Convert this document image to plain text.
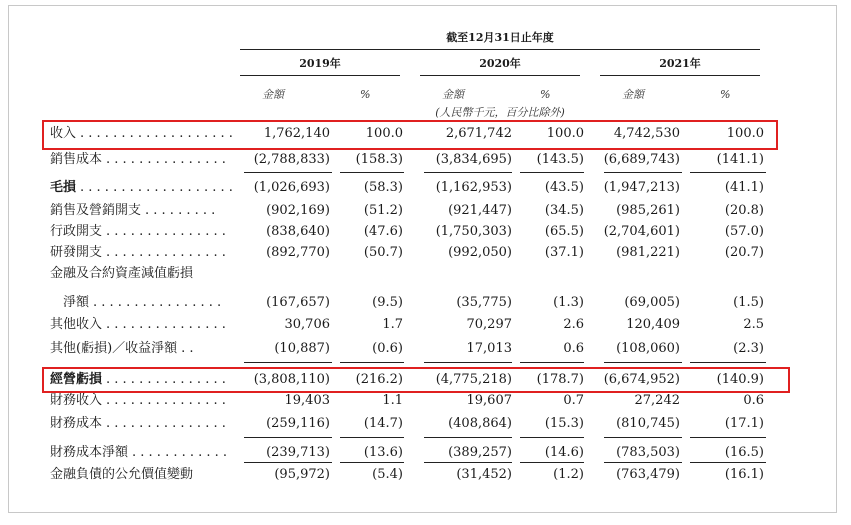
截至12月31日止年度
2019年	2020年	2021年
金額	%	金額	%	金額	%
(人民幣千元，百分比除外)
收入 . . . . . . . . . . . . . . . . . . .	1,762,140	100.0	2,671,742	100.0	4,742,530	100.0
銷售成本 . . . . . . . . . . . . . . .	(2,788,833)	(158.3)	(3,834,695)	(143.5)	(6,689,743)	(141.1)
毛損 . . . . . . . . . . . . . . . . . . .	(1,026,693)	(58.3)	(1,162,953)	(43.5)	(1,947,213)	(41.1)
銷售及營銷開支 . . . . . . . . .	(902,169)	(51.2)	(921,447)	(34.5)	(985,261)	(20.8)
行政開支 . . . . . . . . . . . . . . .	(838,640)	(47.6)	(1,750,303)	(65.5)	(2,704,601)	(57.0)
研發開支 . . . . . . . . . . . . . . .	(892,770)	(50.7)	(992,050)	(37.1)	(981,221)	(20.7)
金融及合約資產減值虧損
　淨額 . . . . . . . . . . . . . . . .	(167,657)	(9.5)	(35,775)	(1.3)	(69,005)	(1.5)
其他收入 . . . . . . . . . . . . . . .	30,706	1.7	70,297	2.6	120,409	2.5
其他(虧損)／收益淨額 . .	(10,887)	(0.6)	17,013	0.6	(108,060)	(2.3)
經營虧損 . . . . . . . . . . . . . . .	(3,808,110)	(216.2)	(4,775,218)	(178.7)	(6,674,952)	(140.9)
財務收入 . . . . . . . . . . . . . . .	19,403	1.1	19,607	0.7	27,242	0.6
財務成本 . . . . . . . . . . . . . . .	(259,116)	(14.7)	(408,864)	(15.3)	(810,745)	(17.1)
財務成本淨額 . . . . . . . . . . . .	(239,713)	(13.6)	(389,257)	(14.6)	(783,503)	(16.5)
金融負債的公允價值變動	(95,972)	(5.4)	(31,452)	(1.2)	(763,479)	(16.1)
